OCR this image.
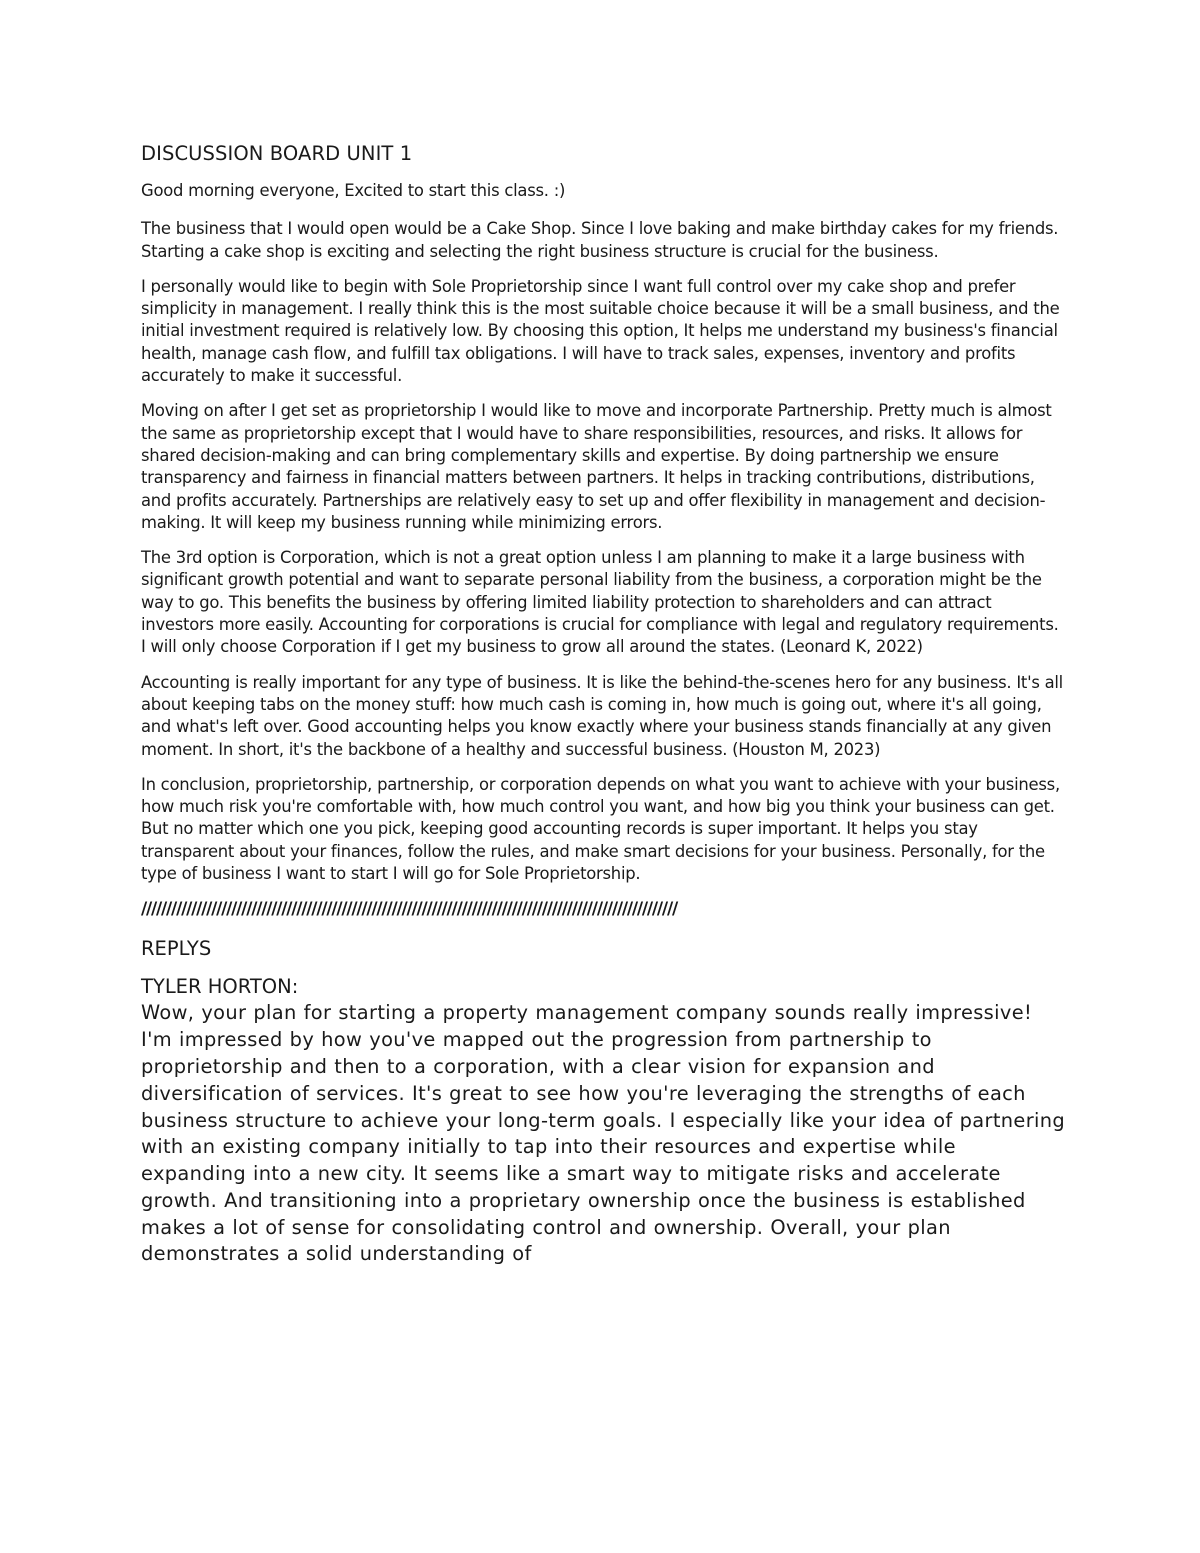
DISCUSSION BOARD UNIT 1

Good morning everyone, Excited to start this class. :)

The business that I would open would be a Cake Shop. Since I love baking and make birthday cakes for my friends. Starting a cake shop is exciting and selecting the right business structure is crucial for the business.

I personally would like to begin with Sole Proprietorship since I want full control over my cake shop and prefer simplicity in management. I really think this is the most suitable choice because it will be a small business, and the initial investment required is relatively low. By choosing this option, It helps me understand my business's financial health, manage cash flow, and fulfill tax obligations. I will have to track sales, expenses, inventory and profits accurately to make it successful.

Moving on after I get set as proprietorship I would like to move and incorporate Partnership. Pretty much is almost the same as proprietorship except that I would have to share responsibilities, resources, and risks. It allows for shared decision-making and can bring complementary skills and expertise. By doing partnership we ensure transparency and fairness in financial matters between partners. It helps in tracking contributions, distributions, and profits accurately. Partnerships are relatively easy to set up and offer flexibility in management and decision-making. It will keep my business running while minimizing errors.

The 3rd option is Corporation, which is not a great option unless I am planning to make it a large business with significant growth potential and want to separate personal liability from the business, a corporation might be the way to go. This benefits the business by offering limited liability protection to shareholders and can attract investors more easily. Accounting for corporations is crucial for compliance with legal and regulatory requirements. I will only choose Corporation if I get my business to grow all around the states. (Leonard K, 2022)

Accounting is really important for any type of business. It is like the behind-the-scenes hero for any business. It's all about keeping tabs on the money stuff: how much cash is coming in, how much is going out, where it's all going, and what's left over. Good accounting helps you know exactly where your business stands financially at any given moment. In short, it's the backbone of a healthy and successful business. (Houston M, 2023)

In conclusion, proprietorship, partnership, or corporation depends on what you want to achieve with your business, how much risk you're comfortable with, how much control you want, and how big you think your business can get. But no matter which one you pick, keeping good accounting records is super important. It helps you stay transparent about your finances, follow the rules, and make smart decisions for your business. Personally, for the type of business I want to start I will go for Sole Proprietorship.

///////////////////////////////////////////////////////////////////////////////////////////////////////////
REPLYS
TYLER HORTON:

Wow, your plan for starting a property management company sounds really impressive! I'm impressed by how you've mapped out the progression from partnership to proprietorship and then to a corporation, with a clear vision for expansion and diversification of services. It's great to see how you're leveraging the strengths of each business structure to achieve your long-term goals. I especially like your idea of partnering with an existing company initially to tap into their resources and expertise while expanding into a new city. It seems like a smart way to mitigate risks and accelerate growth. And transitioning into a proprietary ownership once the business is established makes a lot of sense for consolidating control and ownership. Overall, your plan demonstrates a solid understanding of
